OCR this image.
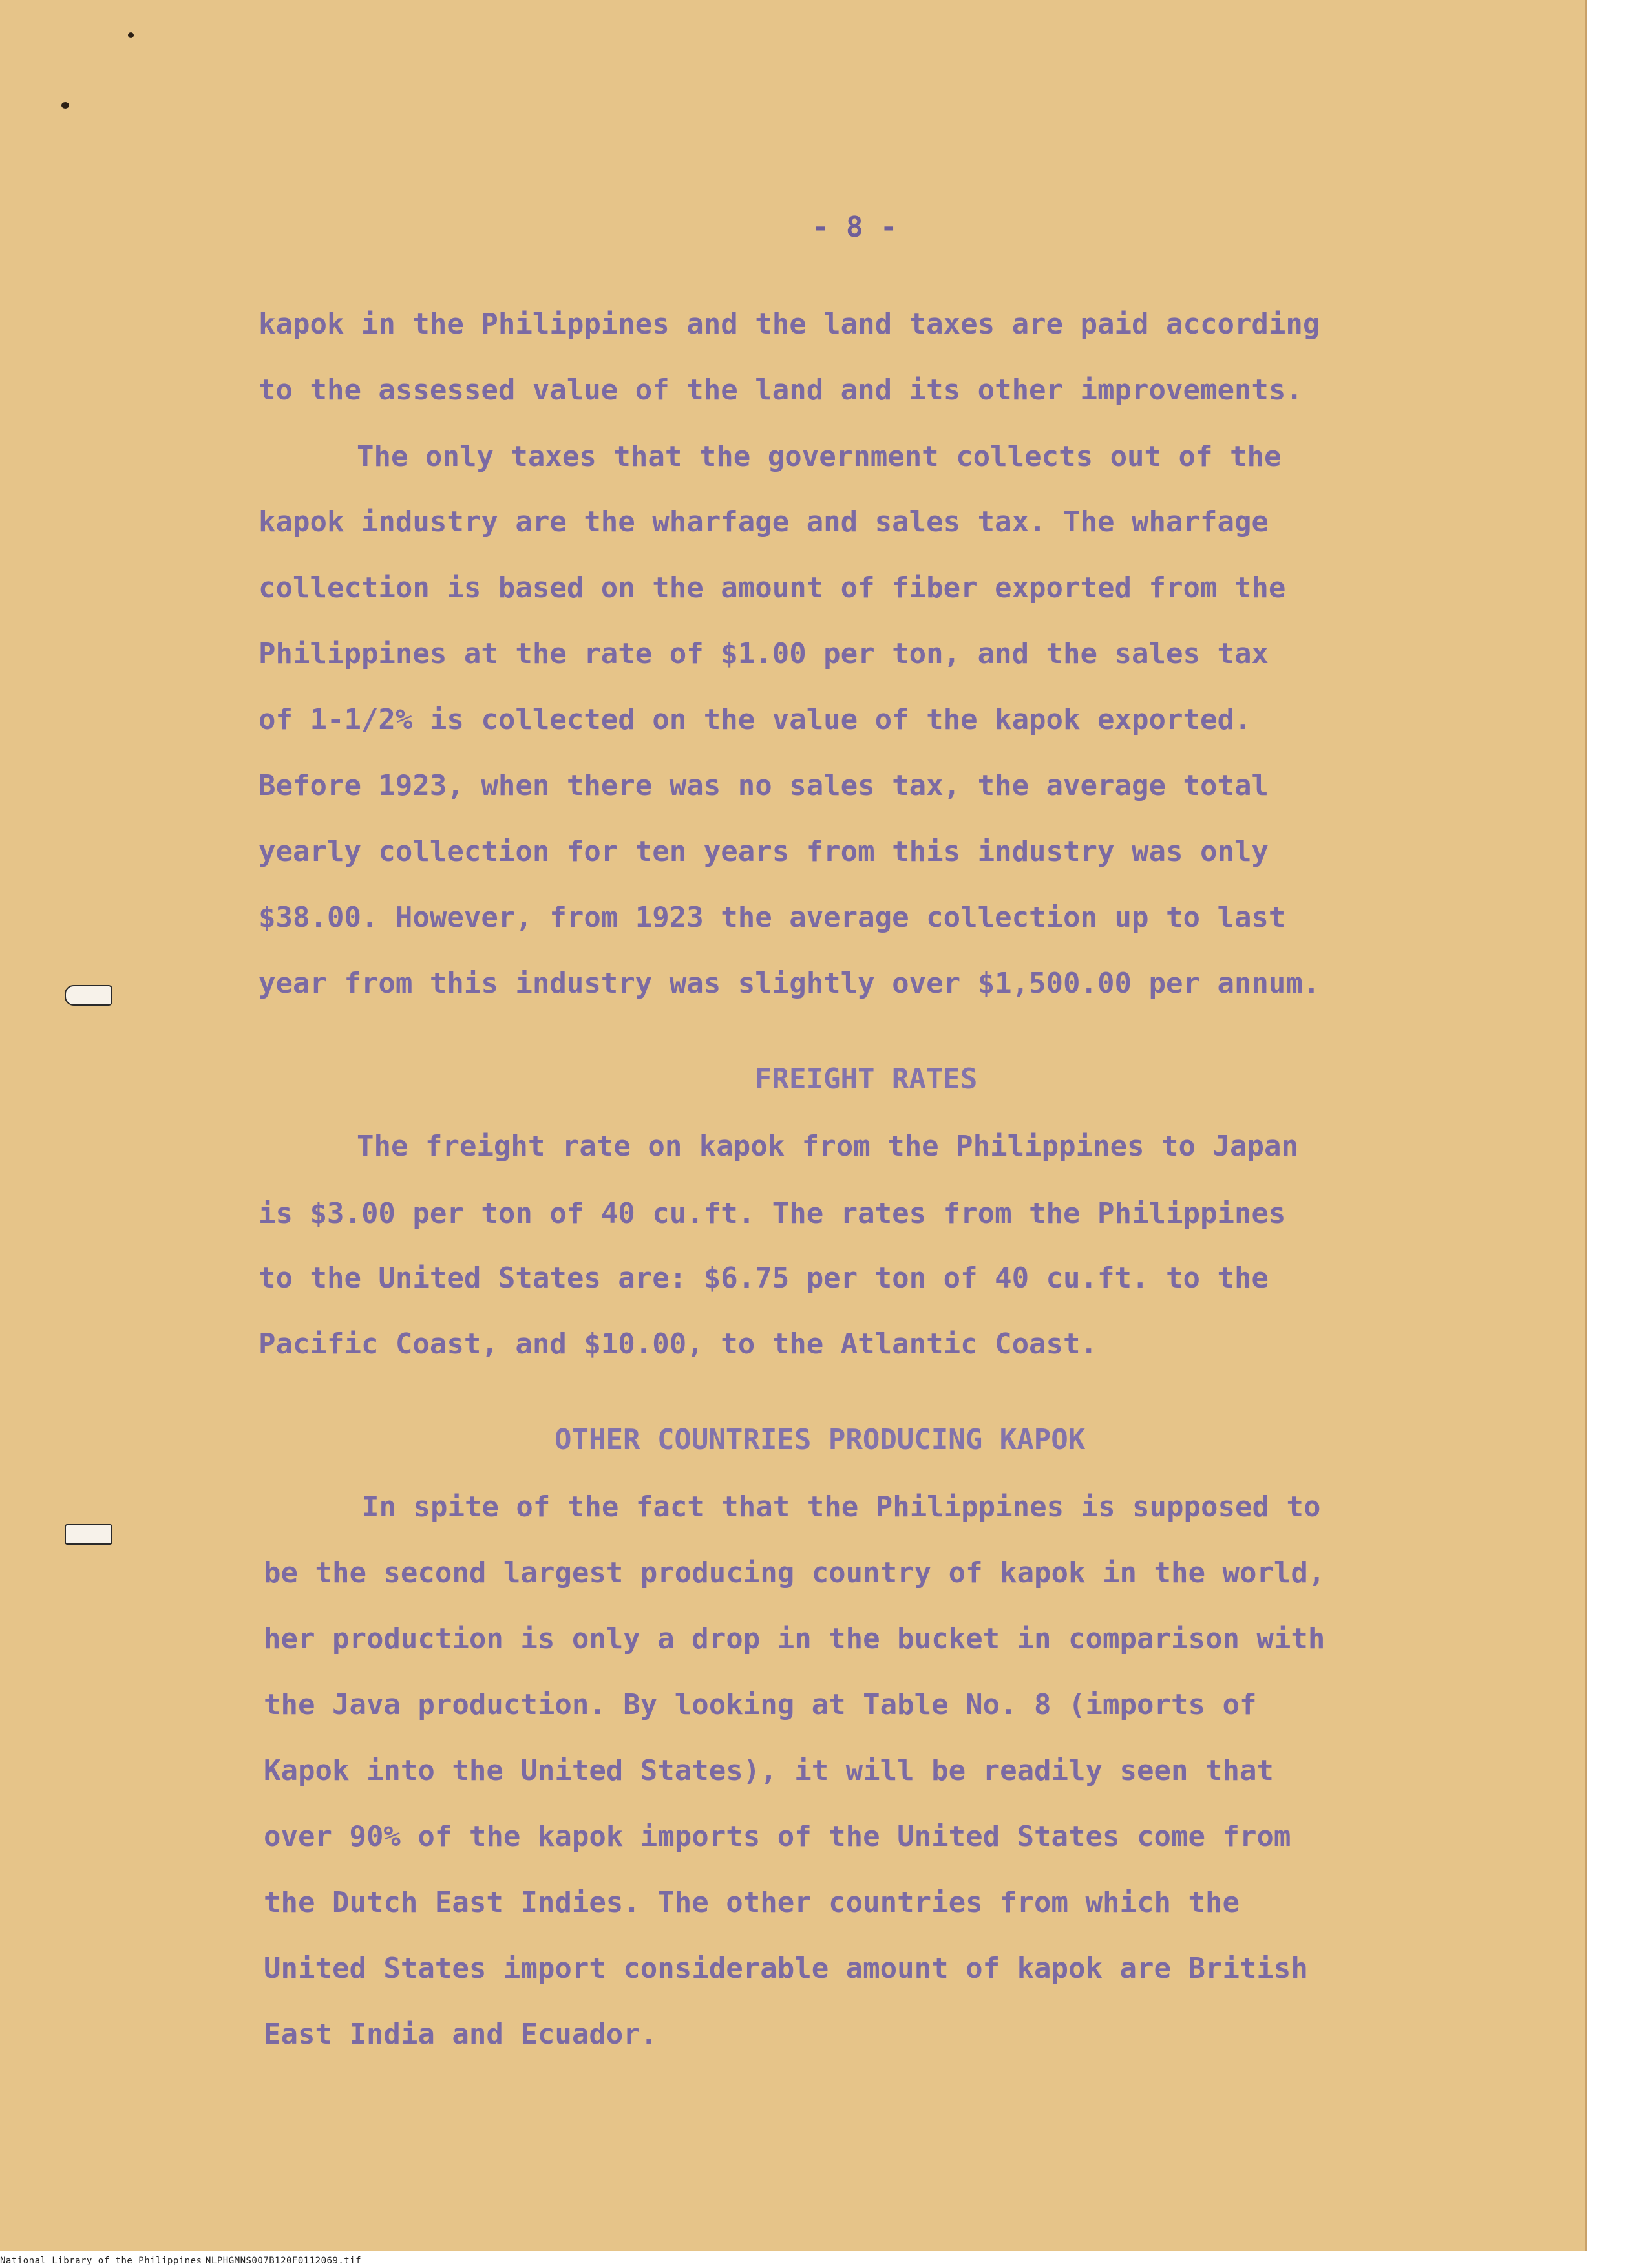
- 8 -
kapok in the Philippines and the land taxes are paid according
to the assessed value of the land and its other improvements.
The only taxes that the government collects out of the
kapok industry are the wharfage and sales tax. The wharfage
collection is based on the amount of fiber exported from the
Philippines at the rate of $1.00 per ton, and the sales tax
of 1-1/2% is collected on the value of the kapok exported.
Before 1923, when there was no sales tax, the average total
yearly collection for ten years from this industry was only
$38.00. However, from 1923 the average collection up to last
year from this industry was slightly over $1,500.00 per annum.
FREIGHT RATES
The freight rate on kapok from the Philippines to Japan
is $3.00 per ton of 40 cu.ft. The rates from the Philippines
to the United States are: $6.75 per ton of 40 cu.ft. to the
Pacific Coast, and $10.00, to the Atlantic Coast.
OTHER COUNTRIES PRODUCING KAPOK
In spite of the fact that the Philippines is supposed to
be the second largest producing country of kapok in the world,
her production is only a drop in the bucket in comparison with
the Java production. By looking at Table No. 8 (imports of
Kapok into the United States), it will be readily seen that
over 90% of the kapok imports of the United States come from
the Dutch East Indies. The other countries from which the
United States import considerable amount of kapok are British
East India and Ecuador.
National Library of the Philippines NLPHGMNS007B120F0112069.tif
